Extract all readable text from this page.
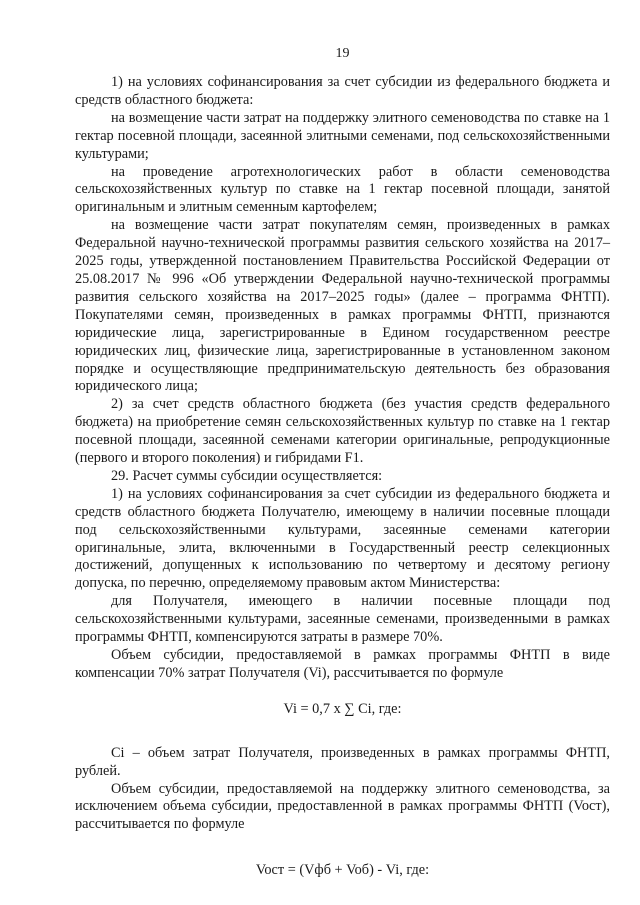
19

1) на условиях софинансирования за счет субсидии из федерального бюджета и средств областного бюджета:

на возмещение части затрат на поддержку элитного семеноводства по ставке на 1 гектар посевной площади, засеянной элитными семенами, под сельскохозяйственными культурами;

на проведение агротехнологических работ в области семеноводства сельскохозяйственных культур по ставке на 1 гектар посевной площади, занятой оригинальным и элитным семенным картофелем;

на возмещение части затрат покупателям семян, произведенных в рамках Федеральной научно-технической программы развития сельского хозяйства на 2017–2025 годы, утвержденной постановлением Правительства Российской Федерации от 25.08.2017 № 996 «Об утверждении Федеральной научно-технической программы развития сельского хозяйства на 2017–2025 годы» (далее – программа ФНТП). Покупателями семян, произведенных в рамках программы ФНТП, признаются юридические лица, зарегистрированные в Едином государственном реестре юридических лиц, физические лица, зарегистрированные в установленном законом порядке и осуществляющие предпринимательскую деятельность без образования юридического лица;

2) за счет средств областного бюджета (без участия средств федерального бюджета) на приобретение семян сельскохозяйственных культур по ставке на 1 гектар посевной площади, засеянной семенами категории оригинальные, репродукционные (первого и второго поколения) и гибридами F1.

29. Расчет суммы субсидии осуществляется:

1) на условиях софинансирования за счет субсидии из федерального бюджета и средств областного бюджета Получателю, имеющему в наличии посевные площади под сельскохозяйственными культурами, засеянные семенами категории оригинальные, элита, включенными в Государственный реестр селекционных достижений, допущенных к использованию по четвертому и десятому региону допуска, по перечню, определяемому правовым актом Министерства:

для Получателя, имеющего в наличии посевные площади под сельскохозяйственными культурами, засеянные семенами, произведенными в рамках программы ФНТП, компенсируются затраты в размере 70%.

Объем субсидии, предоставляемой в рамках программы ФНТП в виде компенсации 70% затрат Получателя (Vi), рассчитывается по формуле

Vi = 0,7 x ∑ Ci, где:

Ci – объем затрат Получателя, произведенных в рамках программы ФНТП, рублей.

Объем субсидии, предоставляемой на поддержку элитного семеноводства, за исключением объема субсидии, предоставленной в рамках программы ФНТП (Voст), рассчитывается по формуле

Voст = (Vфб + Voб) - Vi, где:
